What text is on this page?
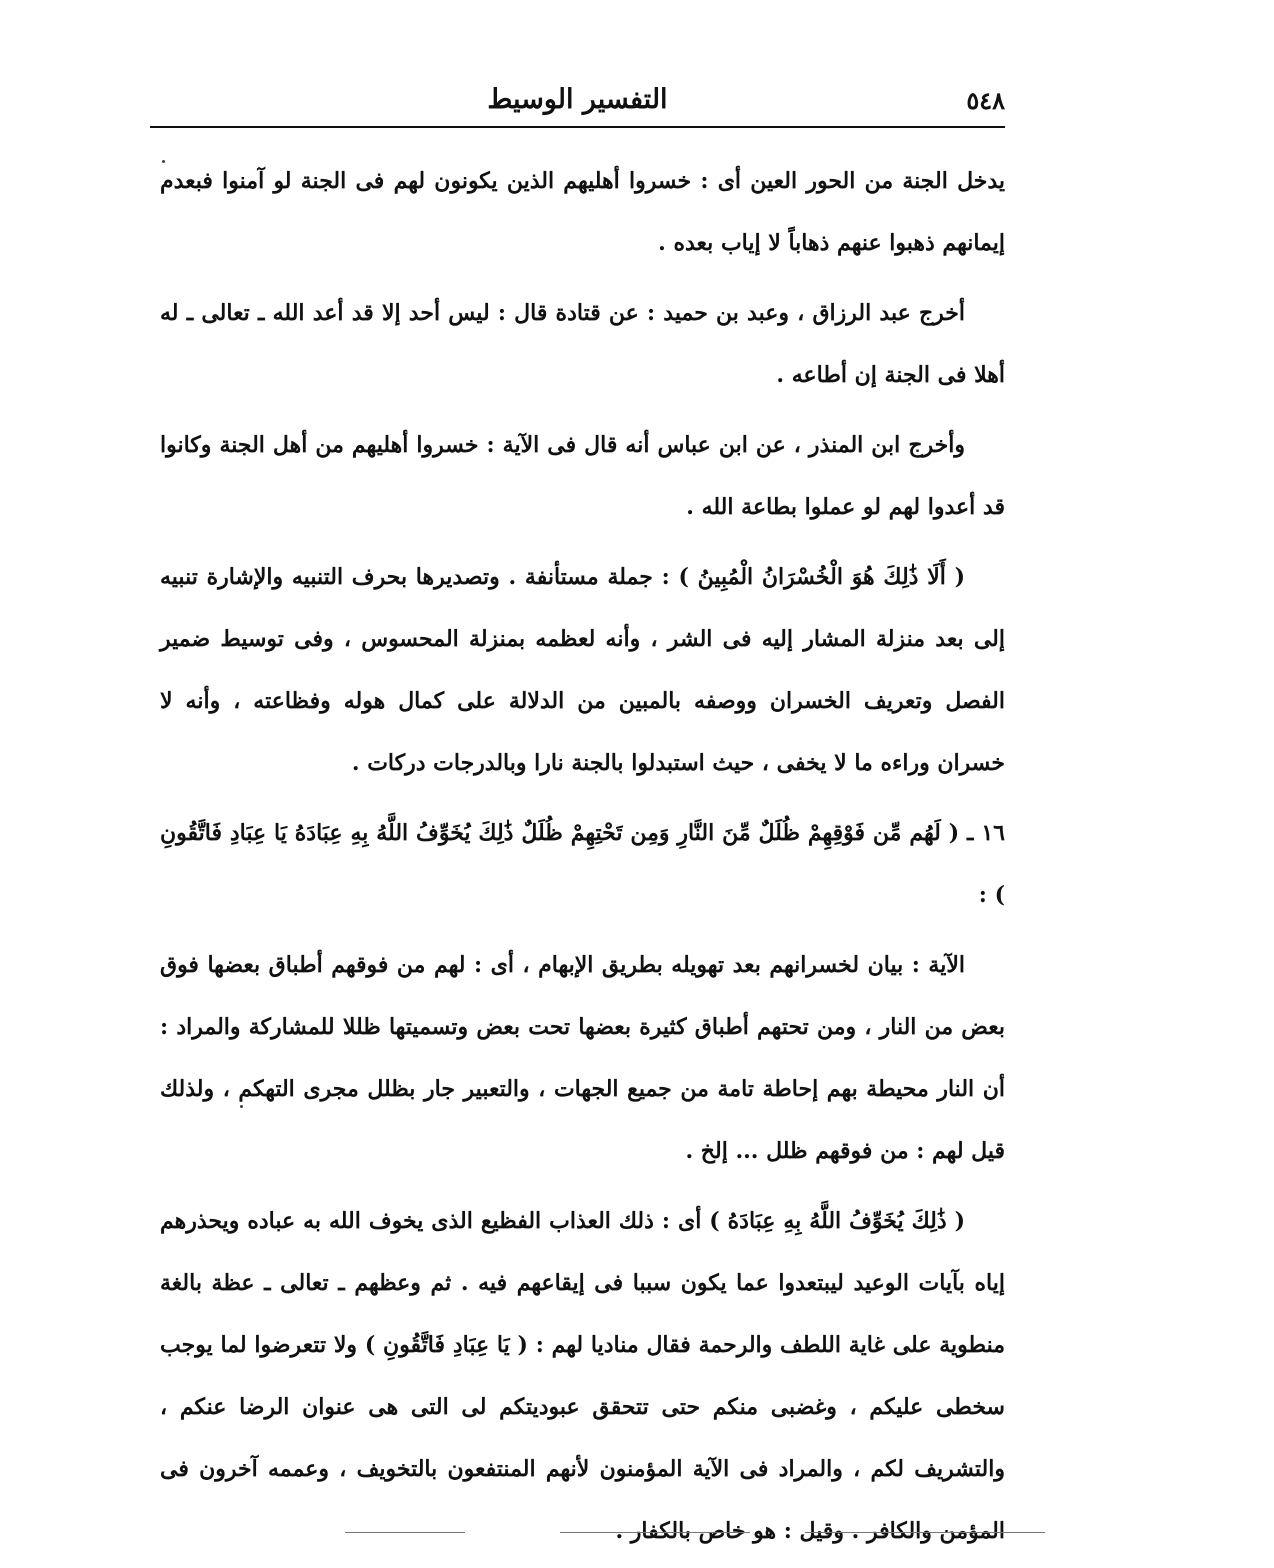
٥٤٨
التفسير الوسيط

يدخل الجنة من الحور العين أى : خسروا أهليهم الذين يكونون لهم فى الجنة لو آمنوا فبعدم إيمانهم ذهبوا عنهم ذهاباً لا إياب بعده .

أخرج عبد الرزاق ، وعبد بن حميد : عن قتادة قال : ليس أحد إلا قد أعد الله ـ تعالى ـ له أهلا فى الجنة إن أطاعه .

وأخرج ابن المنذر ، عن ابن عباس أنه قال فى الآية : خسروا أهليهم من أهل الجنة وكانوا قد أعدوا لهم لو عملوا بطاعة الله .

( أَلَا ذَٰلِكَ هُوَ الْخُسْرَانُ الْمُبِينُ ) : جملة مستأنفة . وتصديرها بحرف التنبيه والإشارة تنبيه إلى بعد منزلة المشار إليه فى الشر ، وأنه لعظمه بمنزلة المحسوس ، وفى توسيط ضمير الفصل وتعريف الخسران ووصفه بالمبين من الدلالة على كمال هوله وفظاعته ، وأنه لا خسران وراءه ما لا يخفى ، حيث استبدلوا بالجنة نارا وبالدرجات دركات .

١٦ ـ ( لَهُم مِّن فَوْقِهِمْ ظُلَلٌ مِّنَ النَّارِ وَمِن تَحْتِهِمْ ظُلَلٌ ذَٰلِكَ يُخَوِّفُ اللَّهُ بِهِ عِبَادَهُ يَا عِبَادِ فَاتَّقُونِ ) :

الآية : بيان لخسرانهم بعد تهويله بطريق الإبهام ، أى : لهم من فوقهم أطباق بعضها فوق بعض من النار ، ومن تحتهم أطباق كثيرة بعضها تحت بعض وتسميتها ظللا للمشاركة والمراد : أن النار محيطة بهم إحاطة تامة من جميع الجهات ، والتعبير جار بظلل مجرى التهكم ، ولذلك قيل لهم : من فوقهم ظلل ... إلخ .

( ذَٰلِكَ يُخَوِّفُ اللَّهُ بِهِ عِبَادَهُ ) أى : ذلك العذاب الفظيع الذى يخوف الله به عباده ويحذرهم إياه بآيات الوعيد ليبتعدوا عما يكون سببا فى إيقاعهم فيه . ثم وعظهم ـ تعالى ـ عظة بالغة منطوية على غاية اللطف والرحمة فقال مناديا لهم : ( يَا عِبَادِ فَاتَّقُونِ ) ولا تتعرضوا لما يوجب سخطى عليكم ، وغضبى منكم حتى تتحقق عبوديتكم لى التى هى عنوان الرضا عنكم ، والتشريف لكم ، والمراد فى الآية المؤمنون لأنهم المنتفعون بالتخويف ، وعممه آخرون فى المؤمن والكافر . وقيل : هو خاص بالكفار .
